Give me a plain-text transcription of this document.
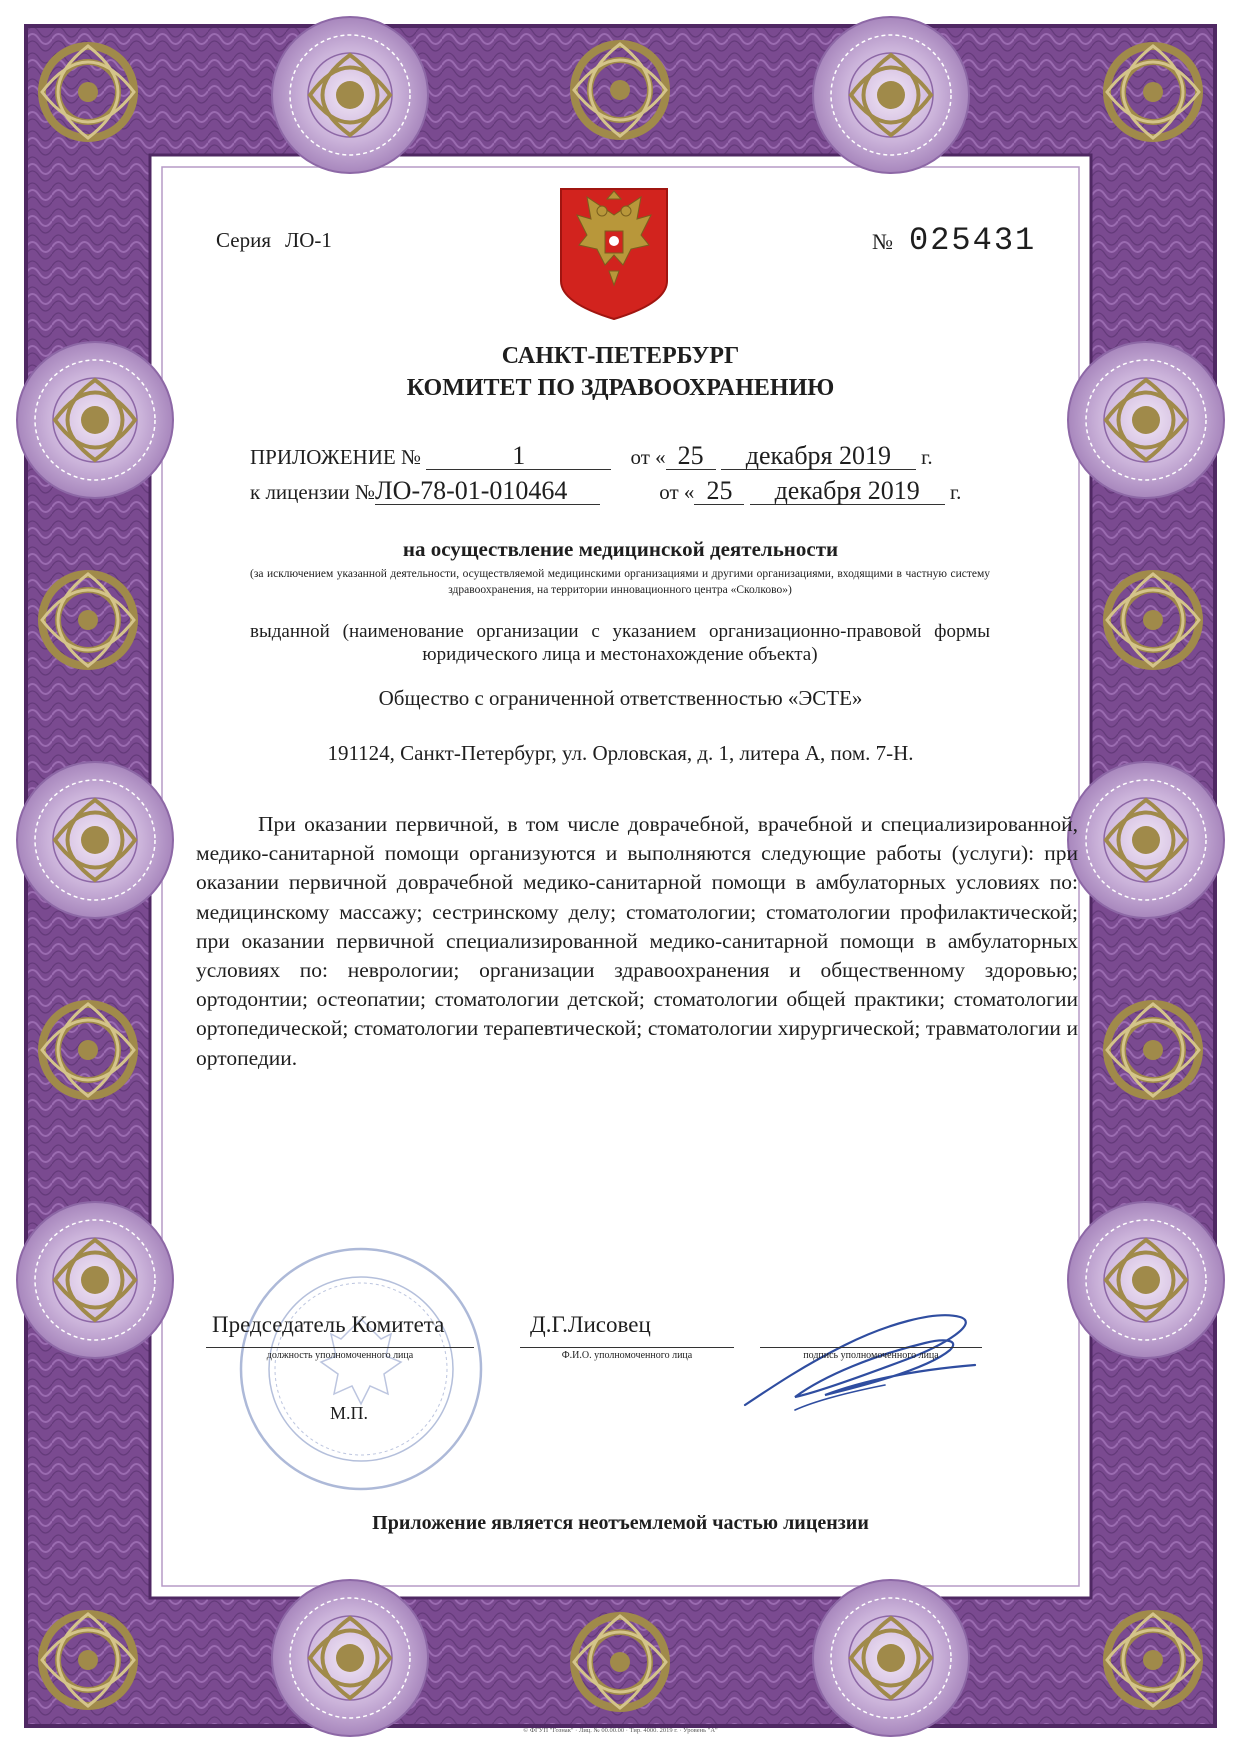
Серия ЛО-1	№ 025431
САНКТ-ПЕТЕРБУРГ
КОМИТЕТ ПО ЗДРАВООХРАНЕНИЮ
ПРИЛОЖЕНИЕ №	1	от « 25 декабря 2019 г.
к лицензии №ЛО-78-01-010464	от « 25 декабря 2019 г.
на осуществление медицинской деятельности
(за исключением указанной деятельности, осуществляемой медицинскими организациями и другими организациями, входящими в частную систему здравоохранения, на территории инновационного центра «Сколково»)
выданной (наименование организации с указанием организационно-правовой формы юридического лица и местонахождение объекта)
Общество с ограниченной ответственностью «ЭСТЕ»
191124, Санкт-Петербург, ул. Орловская, д. 1, литера А, пом. 7-Н.
При оказании первичной, в том числе доврачебной, врачебной и специализированной, медико-санитарной помощи организуются и выполняются следующие работы (услуги): при оказании первичной доврачебной медико-санитарной помощи в амбулаторных условиях по: медицинскому массажу; сестринскому делу; стоматологии; стоматологии профилактической; при оказании первичной специализированной медико-санитарной помощи в амбулаторных условиях по: неврологии; организации здравоохранения и общественному здоровью; ортодонтии; остеопатии; стоматологии детской; стоматологии общей практики; стоматологии ортопедической; стоматологии терапевтической; стоматологии хирургической; травматологии и ортопедии.
Председатель Комитета	Д.Г.Лисовец
должность уполномоченного лица	Ф.И.О. уполномоченного лица	подпись уполномоченного лица
М.П.
Приложение является неотъемлемой частью лицензии
© ФГУП "Гознак" · Лиц. № 00.00.00 · Тир. 4000. 2019 г. · Уровень "А"
